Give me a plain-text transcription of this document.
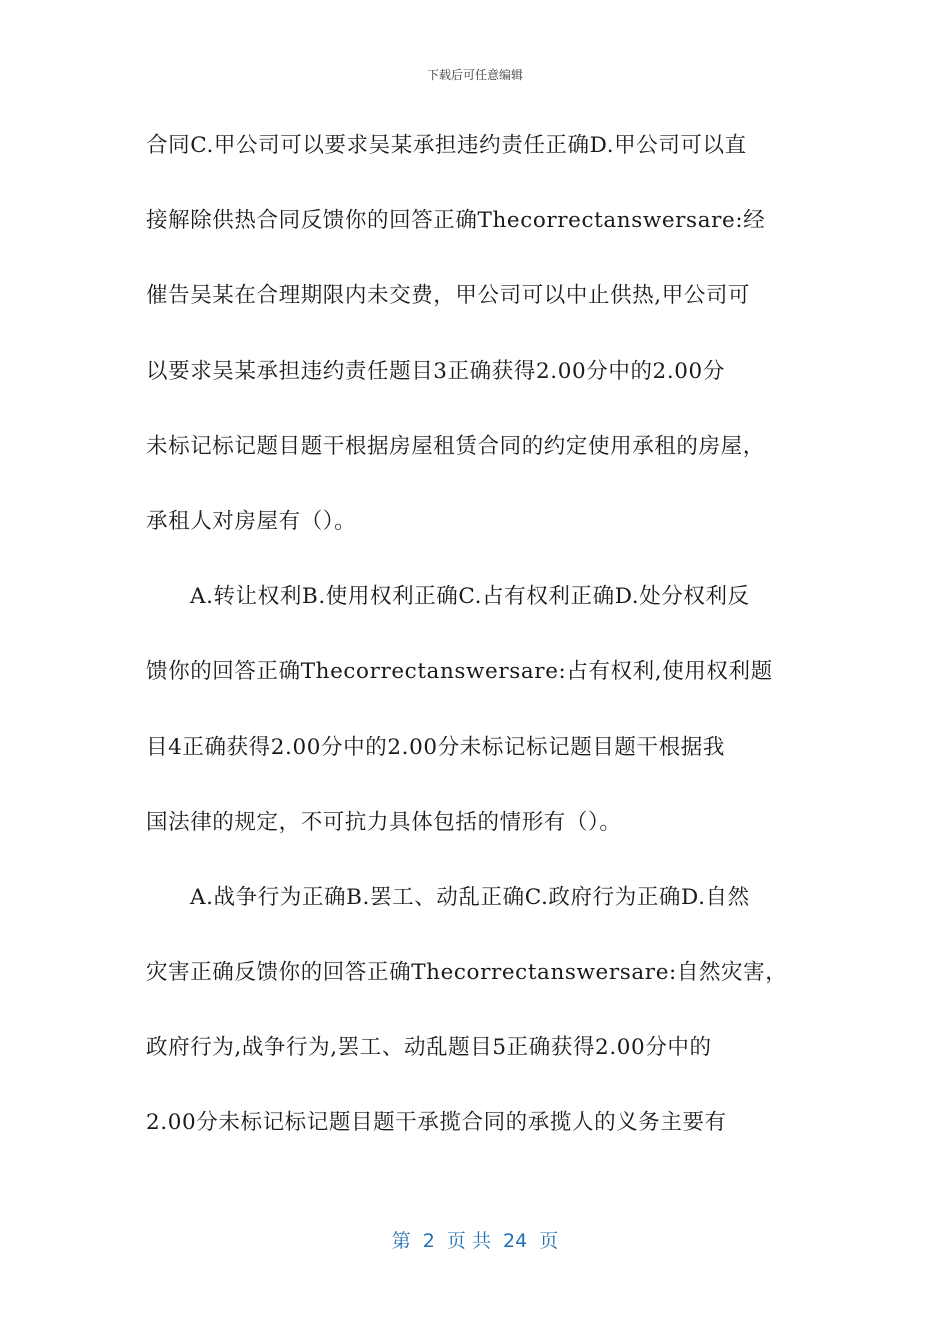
下载后可任意编辑
合同C.甲公司可以要求吴某承担违约责任正确D.甲公司可以直
接解除供热合同反馈你的回答正确Thecorrectanswersare:经
催告吴某在合理期限内未交费，甲公司可以中止供热,甲公司可
以要求吴某承担违约责任题目3正确获得2.00分中的2.00分
未标记标记题目题干根据房屋租赁合同的约定使用承租的房屋，
承租人对房屋有（）。
A.转让权利B.使用权利正确C.占有权利正确D.处分权利反
馈你的回答正确Thecorrectanswersare:占有权利,使用权利题
目4正确获得2.00分中的2.00分未标记标记题目题干根据我
国法律的规定，不可抗力具体包括的情形有（）。
A.战争行为正确B.罢工、动乱正确C.政府行为正确D.自然
灾害正确反馈你的回答正确Thecorrectanswersare:自然灾害，
政府行为,战争行为,罢工、动乱题目5正确获得2.00分中的
2.00分未标记标记题目题干承揽合同的承揽人的义务主要有
第  2  页 共  24  页
